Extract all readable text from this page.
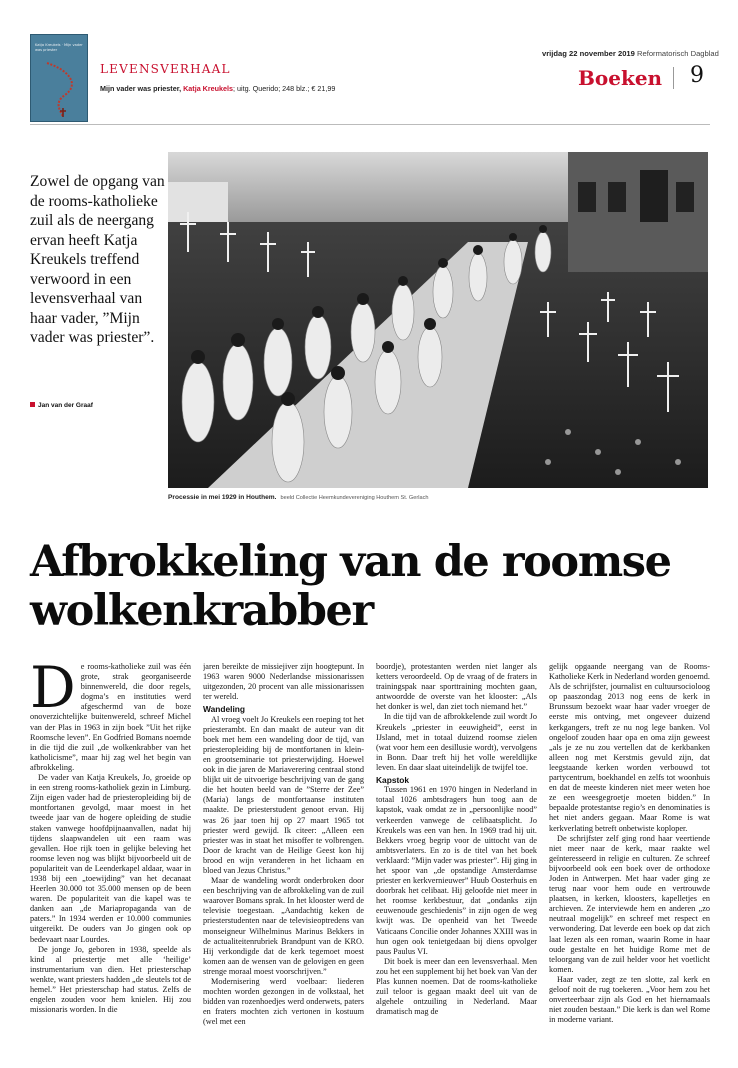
Katja Kreukels · Mijn vader was priester
LEVENSVERHAAL
Mijn vader was priester, Katja Kreukels; uitg. Querido; 248 blz.; € 21,99
vrijdag 22 november 2019 Reformatorisch Dagblad
Boeken 9
Zowel de opgang van de rooms-katholieke zuil als de neergang ervan heeft Katja Kreukels treffend verwoord in een levensverhaal van haar vader, ”Mijn vader was priester”.
Jan van der Graaf
Processie in mei 1929 in Houthem. beeld Collectie Heemkundevereniging Houthem St. Gerlach
Afbrokkeling van de roomse wolkenkrabber
D e rooms-katholieke zuil was één grote, strak georganiseerde binnenwereld, die door regels, dogma’s en instituties werd afgeschermd van de boze onoverzichtelijke buitenwereld, schreef Michel van der Plas in 1963 in zijn boek ”Uit het rijke Roomsche leven”. En Godfried Bomans noemde in die tijd die zuil „de wolkenkrabber van het katholicisme”, maar hij zag wel het begin van afbrokkeling.

De vader van Katja Kreukels, Jo, groeide op in een streng rooms-katholiek gezin in Limburg. Zijn eigen vader had de priesteropleiding bij de montfortanen gevolgd, maar moest in het tweede jaar van de hogere opleiding de studie staken vanwege hoofdpijnaanvallen, nadat hij tijdens slaapwandelen uit een raam was gevallen. Hoe rijk toen in gelijke beleving het roomse leven nog was blijkt bijvoorbeeld uit de populariteit van de Leenderkapel aldaar, waar in 1938 bij een „toewijding” van het decanaat Heerlen 30.000 tot 35.000 mensen op de been waren. De populariteit van die kapel was te danken aan „de Mariapropaganda van de paters.” In 1934 werden er 10.000 communies uitgereikt. De ouders van Jo gingen ook op bedevaart naar Lourdes.

De jonge Jo, geboren in 1938, speelde als kind al priestertje met alle ‘heilige’ instrumentarium van dien. Het priesterschap wenkte, want priesters hadden „de sleutels tot de hemel.” Het priesterschap had status. Zelfs de engelen zouden voor hem knielen. Hij zou missionaris worden. In die

jaren bereikte de missiejiver zijn hoogtepunt. In 1963 waren 9000 Nederlandse missionarissen uitgezonden, 20 procent van alle missionarissen ter wereld.

Wandeling

Al vroeg voelt Jo Kreukels een roeping tot het priesterambt. En dan maakt de auteur van dit boek met hem een wandeling door de tijd, van priesteropleiding bij de montfortanen in klein- en grootseminarie tot priesterwijding. Hoewel ook in die jaren de Mariaverering centraal stond blijkt uit de uitvoerige beschrijving van de gang die het houten beeld van de ”Sterre der Zee” (Maria) langs de montfortaanse instituten maakte. De priesterstudent genoot ervan. Hij was 26 jaar toen hij op 27 maart 1965 tot priester werd gewijd. Ik citeer: „Alleen een priester was in staat het misoffer te volbrengen. Door de kracht van de Heilige Geest kon hij brood en wijn veranderen in het lichaam en bloed van Jezus Christus.”

Maar de wandeling wordt onderbroken door een beschrijving van de afbrokkeling van de zuil waarover Bomans sprak. In het klooster werd de televisie toegestaan. „Aandachtig keken de priesterstudenten naar de televisieoptredens van monseigneur Wilhelminus Marinus Bekkers in de actualiteitenrubriek Brandpunt van de KRO. Hij verkondigde dat de kerk tegemoet moest komen aan de wensen van de gelovigen en geen strenge moraal moest voorschrijven.”

Modernisering werd voelbaar: liederen mochten worden gezongen in de volkstaal, het bidden van rozenhoedjes werd onderwets, paters en fraters mochten zich vertonen in kostuum (wel met een

boordje), protestanten werden niet langer als ketters veroordeeld. Op de vraag of de fraters in trainingspak naar sporttraining mochten gaan, antwoordde de overste van het klooster: „Als het donker is wel, dan ziet toch niemand het.”

In die tijd van de afbrokkelende zuil wordt Jo Kreukels „priester in eeuwigheid”, eerst in IJsland, met in totaal duizend roomse zielen (wat voor hem een desillusie wordt), vervolgens in Bonn. Daar treft hij het volle wereldlijke leven. En daar slaat uiteindelijk de twijfel toe.

Kapstok

Tussen 1961 en 1970 hingen in Nederland in totaal 1026 ambtsdragers hun toog aan de kapstok, vaak omdat ze in „persoonlijke nood” verkeerden vanwege de celibaatsplicht. Jo Kreukels was een van hen. In 1969 trad hij uit. Bekkers vroeg begrip voor de uittocht van de ambtsverlaters. En zo is de titel van het boek verklaard: ”Mijn vader was priester”. Hij ging in het spoor van „de opstandige Amsterdamse priester en kerkvernieuwer” Huub Oosterhuis en doorbrak het celibaat. Hij geloofde niet meer in het roomse kerkbestuur, dat „ondanks zijn eeuwenoude geschiedenis” in zijn ogen de weg kwijt was. De openheid van het Tweede Vaticaans Concilie onder Johannes XXIII was in hun ogen ook tenietgedaan bij diens opvolger paus Paulus VI.

Dit boek is meer dan een levensverhaal. Men zou het een supplement bij het boek van Van der Plas kunnen noemen. Dat de rooms-katholieke zuil teloor is gegaan maakt deel uit van de algehele ontzuiling in Nederland. Maar dramatisch mag de

gelijk opgaande neergang van de Rooms-Katholieke Kerk in Nederland worden genoemd. Als de schrijfster, journalist en cultuursocioloog op paaszondag 2013 nog eens de kerk in Brunssum bezoekt waar haar vader vroeger de eerste mis ontving, met ongeveer duizend kerkgangers, treft ze nu nog lege banken. Vol ongeloof zouden haar opa en oma zijn geweest „als je ze nu zou vertellen dat de kerkbanken alleen nog met Kerstmis gevuld zijn, dat leegstaande kerken worden verbouwd tot partycentrum, boekhandel en zelfs tot woonhuis en dat de meeste kinderen niet meer weten hoe ze een weesgegroetje moeten bidden.” In bepaalde protestantse regio’s en denominaties is het niet anders gegaan. Maar Rome is wat kerkverlating betreft onbetwiste koploper.

De schrijfster zelf ging rond haar veertiende niet meer naar de kerk, maar raakte wel geïnteresseerd in religie en culturen. Ze schreef bijvoorbeeld ook een boek over de orthodoxe Joden in Antwerpen. Met haar vader ging ze terug naar voor hem oude en vertrouwde plaatsen, in kerken, kloosters, kapelletjes en archieven. Ze interviewde hem en anderen „zo neutraal mogelijk” en schreef met respect en verwondering. Dat leverde een boek op dat zich laat lezen als een roman, waarin Rome in haar oude gestalte en het huidige Rome met de teloorgang van de zuil helder voor het voetlicht komen.

Haar vader, zegt ze ten slotte, zal kerk en geloof noit de rug toekeren. „Voor hem zou het onverteerbaar zijn als God en het hiernamaals niet zouden bestaan.” Die kerk is dan wel Rome in moderne variant.
